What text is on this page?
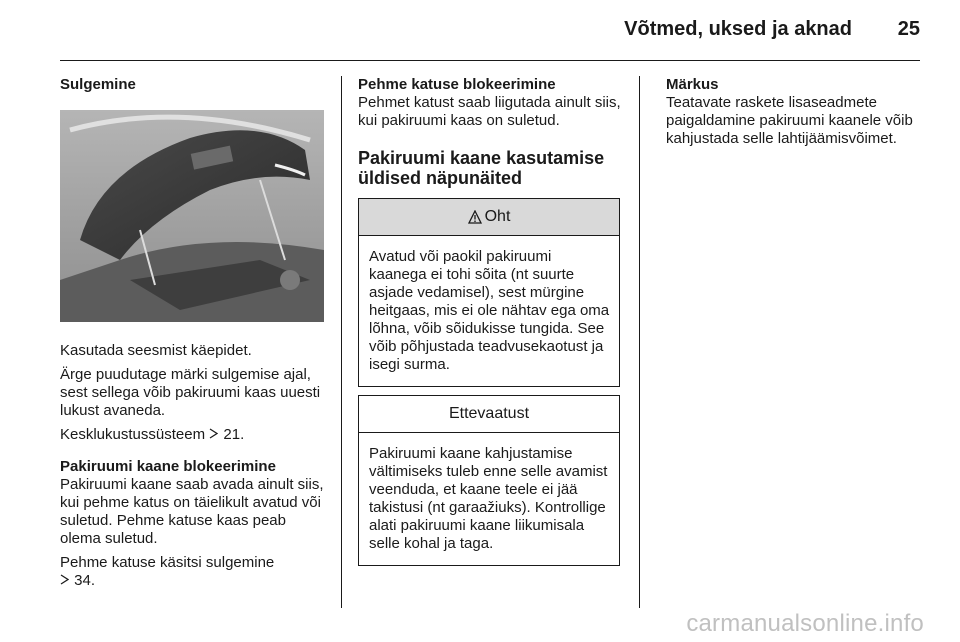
Võtmed, uksed ja aknad 25
Sulgemine

Kasutada seesmist käepidet.

Ärge puudutage märki sulgemise ajal, sest sellega võib pakiruumi kaas uuesti lukust avaneda.

Kesklukustussüsteem 21.

Pakiruumi kaane blokeerimine

Pakiruumi kaane saab avada ainult siis, kui pehme katus on täielikult avatud või suletud. Pehme katuse kaas peab olema suletud.

Pehme katuse käsitsi sulgemine
34.

Pehme katuse blokeerimine

Pehmet katust saab liigutada ainult siis, kui pakiruumi kaas on suletud.

Pakiruumi kaane kasutamise üldised näpunäited
Oht
Avatud või paokil pakiruumi kaanega ei tohi sõita (nt suurte asjade vedamisel), sest mürgine heitgaas, mis ei ole nähtav ega oma lõhna, võib sõidukisse tungida. See võib põhjustada teadvusekaotust ja isegi surma.
Ettevaatust
Pakiruumi kaane kahjustamise vältimiseks tuleb enne selle avamist veenduda, et kaane teele ei jää takistusi (nt garaažiuks). Kontrollige alati pakiruumi kaane liikumisala selle kohal ja taga.
Märkus

Teatavate raskete lisaseadmete paigaldamine pakiruumi kaanele võib kahjustada selle lahtijäämisvõimet.

carmanualsonline.info
